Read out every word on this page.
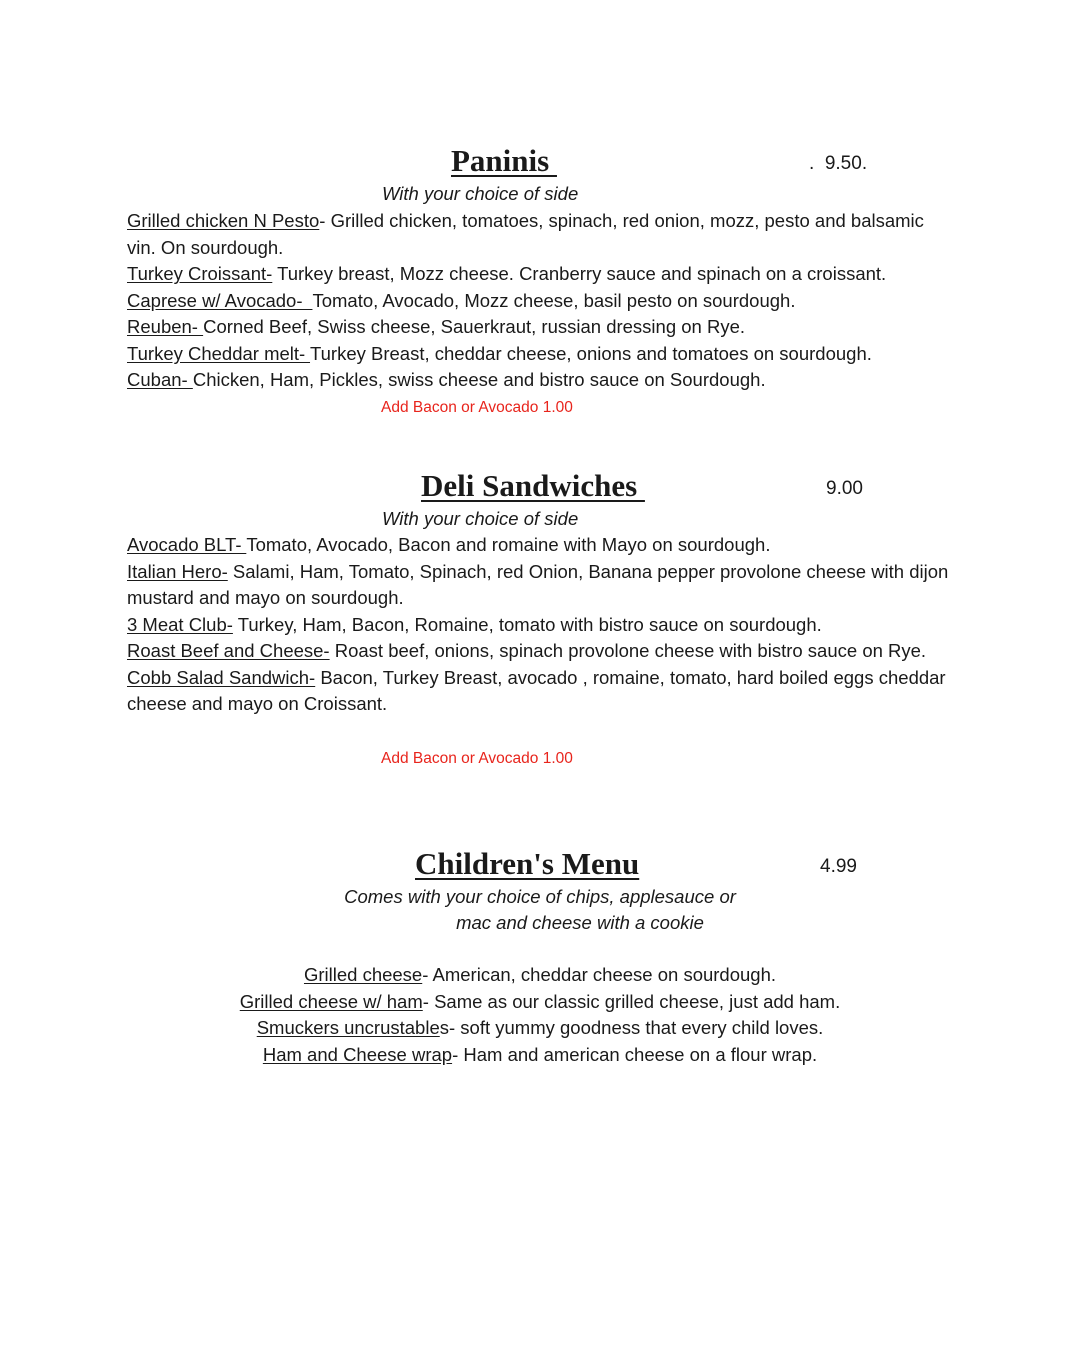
Paninis	.  9.50.
With your choice of side

Grilled chicken N Pesto- Grilled chicken, tomatoes, spinach, red onion, mozz, pesto and balsamic vin. On sourdough.

Turkey Croissant- Turkey breast, Mozz cheese. Cranberry sauce and spinach on a croissant.

Caprese w/ Avocado-  Tomato, Avocado, Mozz cheese, basil pesto on sourdough.

Reuben- Corned Beef, Swiss cheese, Sauerkraut, russian dressing on Rye.

Turkey Cheddar melt- Turkey Breast, cheddar cheese, onions and tomatoes on sourdough.

Cuban- Chicken, Ham, Pickles, swiss cheese and bistro sauce on Sourdough.

Add Bacon or Avocado 1.00
Deli Sandwiches	9.00
With your choice of side

Avocado BLT- Tomato, Avocado, Bacon and romaine with Mayo on sourdough.

Italian Hero- Salami, Ham, Tomato, Spinach, red Onion, Banana pepper provolone cheese with dijon mustard and mayo on sourdough.

3 Meat Club- Turkey, Ham, Bacon, Romaine, tomato with bistro sauce on sourdough.

Roast Beef and Cheese- Roast beef, onions, spinach provolone cheese with bistro sauce on Rye.

Cobb Salad Sandwich- Bacon, Turkey Breast, avocado , romaine, tomato, hard boiled eggs cheddar cheese and mayo on Croissant.

Add Bacon or Avocado 1.00
Children's Menu	4.99
Comes with your choice of chips, applesauce or
mac and cheese with a cookie

Grilled cheese- American, cheddar cheese on sourdough.

Grilled cheese w/ ham- Same as our classic grilled cheese, just add ham.

Smuckers uncrustables- soft yummy goodness that every child loves.

Ham and Cheese wrap- Ham and american cheese on a flour wrap.
